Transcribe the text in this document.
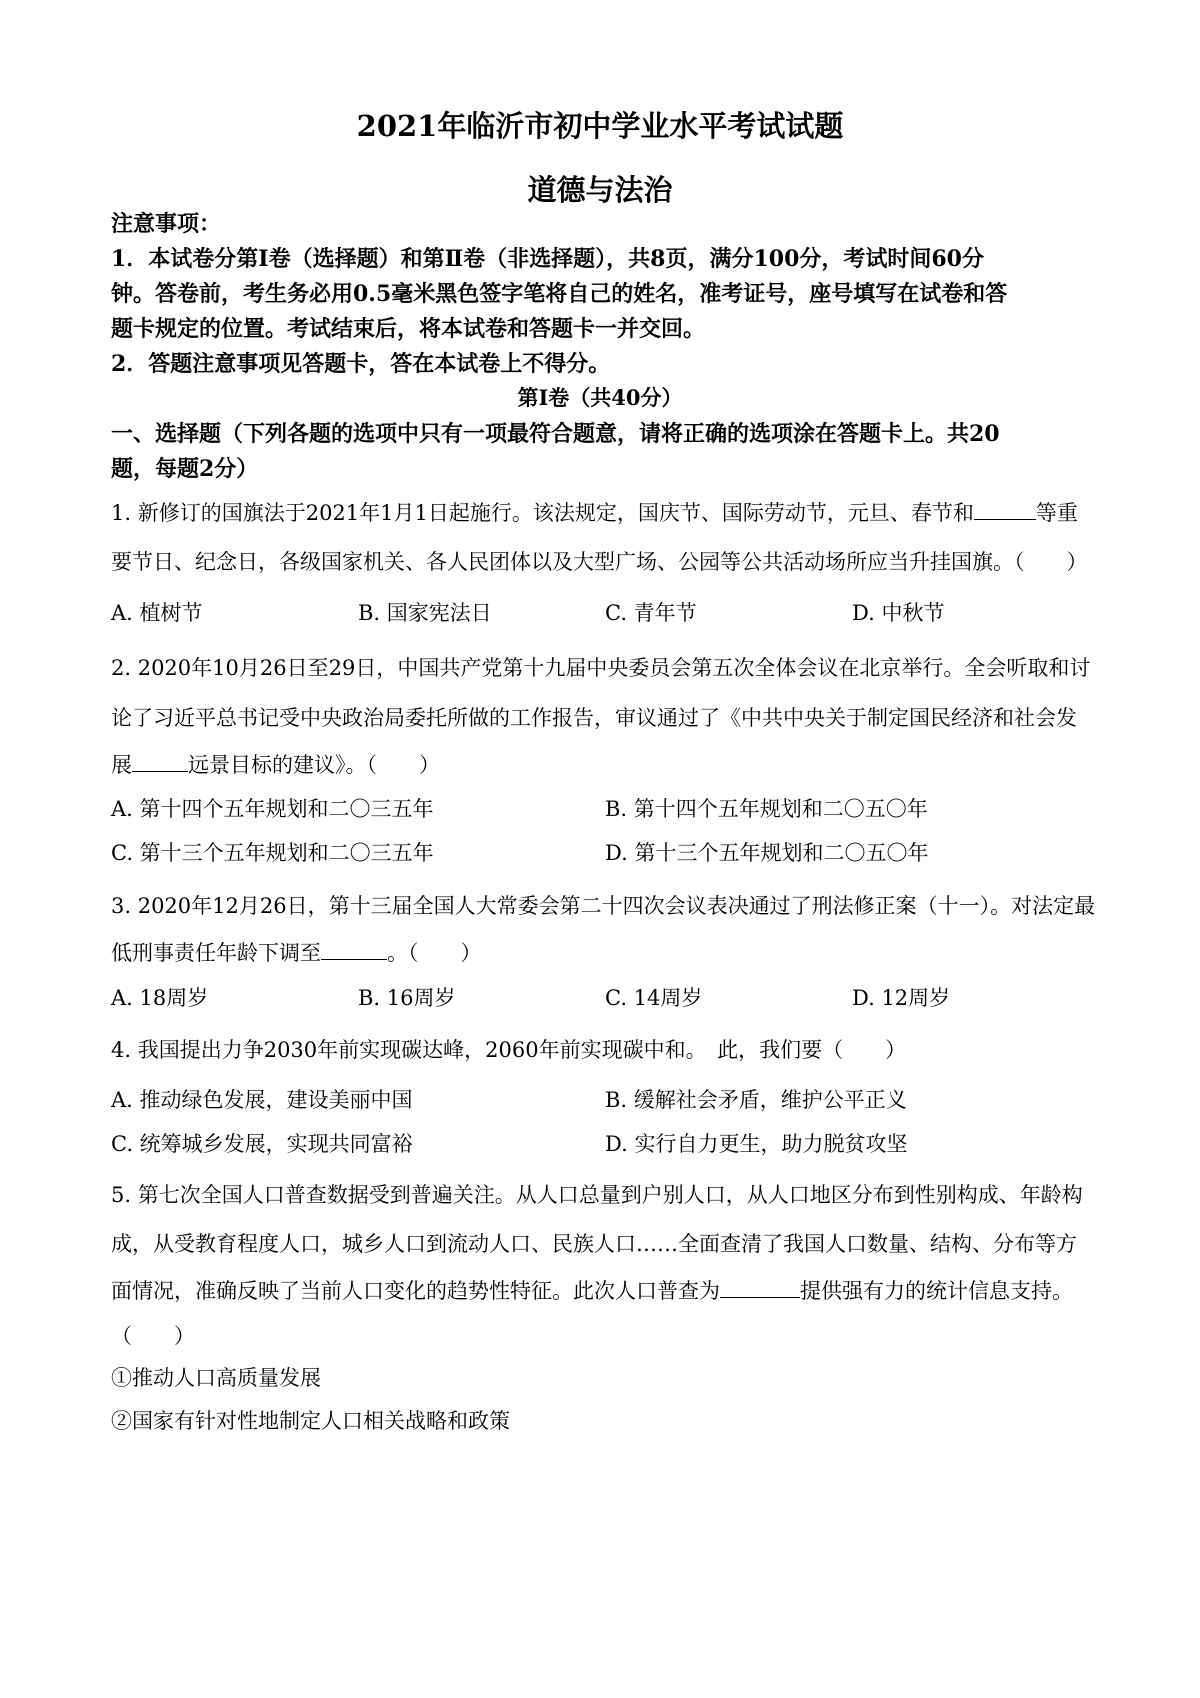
2021年临沂市初中学业水平考试试题
道德与法治
注意事项：
1．本试卷分第Ⅰ卷（选择题）和第Ⅱ卷（非选择题），共8页，满分100分，考试时间60分
钟。答卷前，考生务必用0.5毫米黑色签字笔将自己的姓名，准考证号，座号填写在试卷和答
题卡规定的位置。考试结束后，将本试卷和答题卡一并交回。
2．答题注意事项见答题卡，答在本试卷上不得分。
第Ⅰ卷（共40分）
一、选择题（下列各题的选项中只有一项最符合题意，请将正确的选项涂在答题卡上。共20
题，每题2分）
1. 新修订的国旗法于2021年1月1日起施行。该法规定，国庆节、国际劳动节，元旦、春节和	等重
要节日、纪念日，各级国家机关、各人民团体以及大型广场、公园等公共活动场所应当升挂国旗。（　　）
A. 植树节	B. 国家宪法日	C. 青年节	D. 中秋节
2. 2020年10月26日至29日，中国共产党第十九届中央委员会第五次全体会议在北京举行。全会听取和讨
论了习近平总书记受中央政治局委托所做的工作报告，审议通过了《中共中央关于制定国民经济和社会发
展	远景目标的建议》。（　　）
A. 第十四个五年规划和二〇三五年	B. 第十四个五年规划和二〇五〇年
C. 第十三个五年规划和二〇三五年	D. 第十三个五年规划和二〇五〇年
3. 2020年12月26日，第十三届全国人大常委会第二十四次会议表决通过了刑法修正案（十一）。对法定最
低刑事责任年龄下调至	。（　　）
A. 18周岁	B. 16周岁	C. 14周岁	D. 12周岁
4. 我国提出力争2030年前实现碳达峰，2060年前实现碳中和。　此，我们要（　　）
A. 推动绿色发展，建设美丽中国	B. 缓解社会矛盾，维护公平正义
C. 统筹城乡发展，实现共同富裕	D. 实行自力更生，助力脱贫攻坚
5. 第七次全国人口普查数据受到普遍关注。从人口总量到户别人口，从人口地区分布到性别构成、年龄构
成，从受教育程度人口，城乡人口到流动人口、民族人口……全面查清了我国人口数量、结构、分布等方
面情况，准确反映了当前人口变化的趋势性特征。此次人口普查为	提供强有力的统计信息支持。
（　　）
①推动人口高质量发展
②国家有针对性地制定人口相关战略和政策
